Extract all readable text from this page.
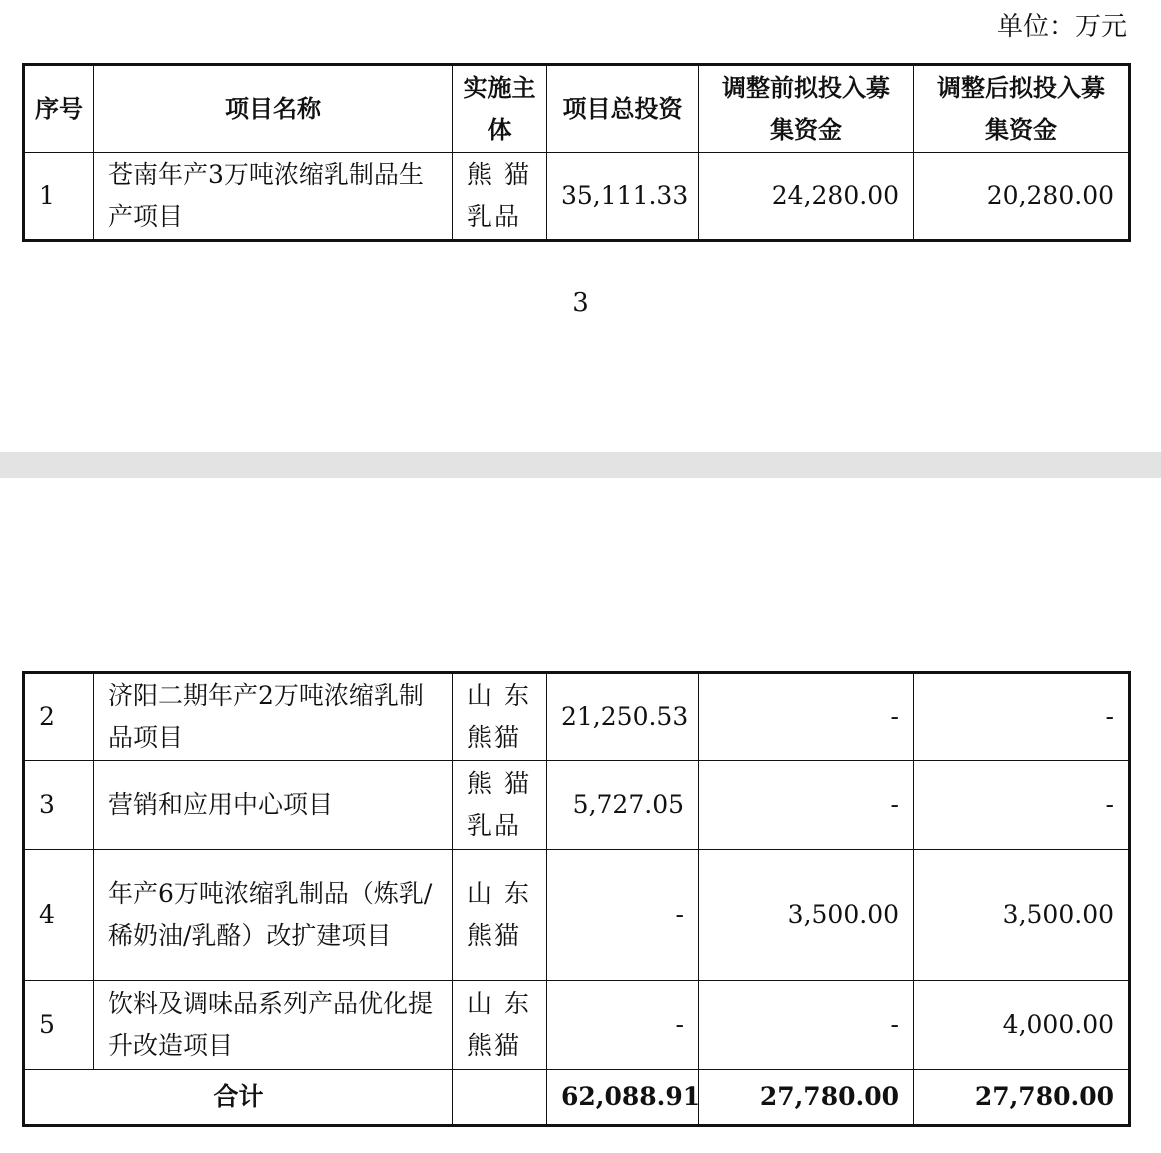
单位：万元
序号	项目名称	实施主体	项目总投资	调整前拟投入募集资金	调整后拟投入募集资金
1	苍南年产3万吨浓缩乳制品生产项目	熊 猫 乳品	35,111.33	24,280.00	20,280.00
3
2	济阳二期年产2万吨浓缩乳制品项目	山 东 熊猫	21,250.53	-	-
3	营销和应用中心项目	熊 猫 乳品	5,727.05	-	-
4	年产6万吨浓缩乳制品（炼乳/稀奶油/乳酪）改扩建项目	山 东 熊猫	-	3,500.00	3,500.00
5	饮料及调味品系列产品优化提升改造项目	山 东 熊猫	-	-	4,000.00
合计			62,088.91	27,780.00	27,780.00
